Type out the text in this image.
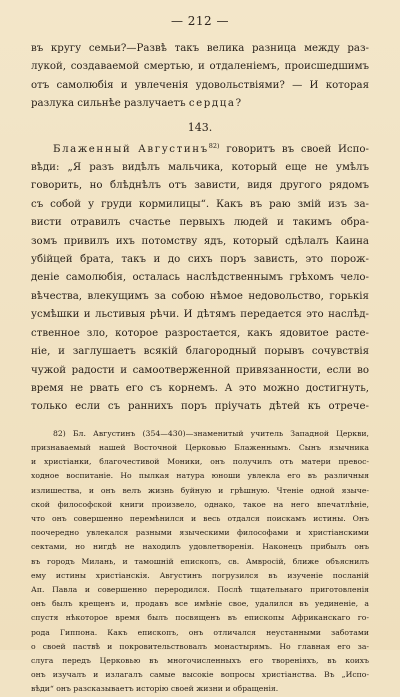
— 212 —

въ кругу семьи?—Развѣ такъ велика разница между раз-
лукой, создаваемой смертью, и отдаленіемъ, происшедшимъ
отъ самолюбія и увлеченія удовольствіями? — И которая
разлука сильнѣе разлучаетъ сердца?

143.

Блаженный Августинъ$^{82)}$ говоритъ въ своей Испо-
вѣди: „Я разъ видѣлъ мальчика, который еще не умѣлъ
говорить, но блѣднѣлъ отъ зависти, видя другого рядомъ
съ собой у груди кормилицы“. Какъ въ раю змій изъ за-
висти отравилъ счастье первыхъ людей и такимъ обра-
зомъ привилъ ихъ потомству ядъ, который сдѣлалъ Каина
убійцей брата, такъ и до сихъ поръ зависть, это порож-
деніе самолюбія, осталась наслѣдственнымъ грѣхомъ чело-
вѣчества, влекущимъ за собою нѣмое недовольство, горькія
усмѣшки и льстивыя рѣчи. И дѣтямъ передается это наслѣд-
ственное зло, которое разростается, какъ ядовитое расте-
ніе, и заглушаетъ всякій благородный порывъ сочувствія
чужой радости и самоотверженной привязанности, если во
время не рвать его съ корнемъ. А это можно достигнуть,
только если съ раннихъ поръ пріучать дѣтей къ отрече-

82) Бл. Августинъ (354—430)—знаменитый учитель Западной Церкви,
признаваемый нашей Восточной Церковью Блаженнымъ. Сынъ язычника
и христіанки, благочестивой Моники, онъ получилъ отъ матери превос-
ходное воспитаніе. Но пылкая натура юноши увлекла его въ различныя
излишества, и онъ велъ жизнь буйную и грѣшную. Чтеніе одной языче-
ской философской книги произвело, однако, такое на него впечатлѣніе,
что онъ совершенно перемѣнился и весь отдался поискамъ истины. Онъ
поочередно увлекался разными языческими философами и христіанскими
сектами, но нигдѣ не находилъ удовлетворенія. Наконецъ прибылъ онъ
въ городъ Милань, и тамошній епископъ, св. Амвросій, ближе объяснилъ
ему истины христіанскія. Августинъ погрузился въ изученіе посланій
Ап. Павла и совершенно переродился. Послѣ тщательнаго приготовленія
онъ былъ крещенъ и, продавъ все имѣніе свое, удалился въ уединеніе, а
спустя нѣкоторое время былъ посвященъ въ епископы Африканскаго го-
рода Гиппона. Какъ епископъ, онъ отличался неустанными заботами
о своей паствѣ и покровительствовалъ монастырямъ. Но главная его за-
слуга передъ Церковью въ многочисленныхъ его твореніяхъ, въ коихъ
онъ изучалъ и излагалъ самые высокіе вопросы христіанства. Въ „Испо-
вѣди“ онъ разсказываетъ исторію своей жизни и обращенія.
